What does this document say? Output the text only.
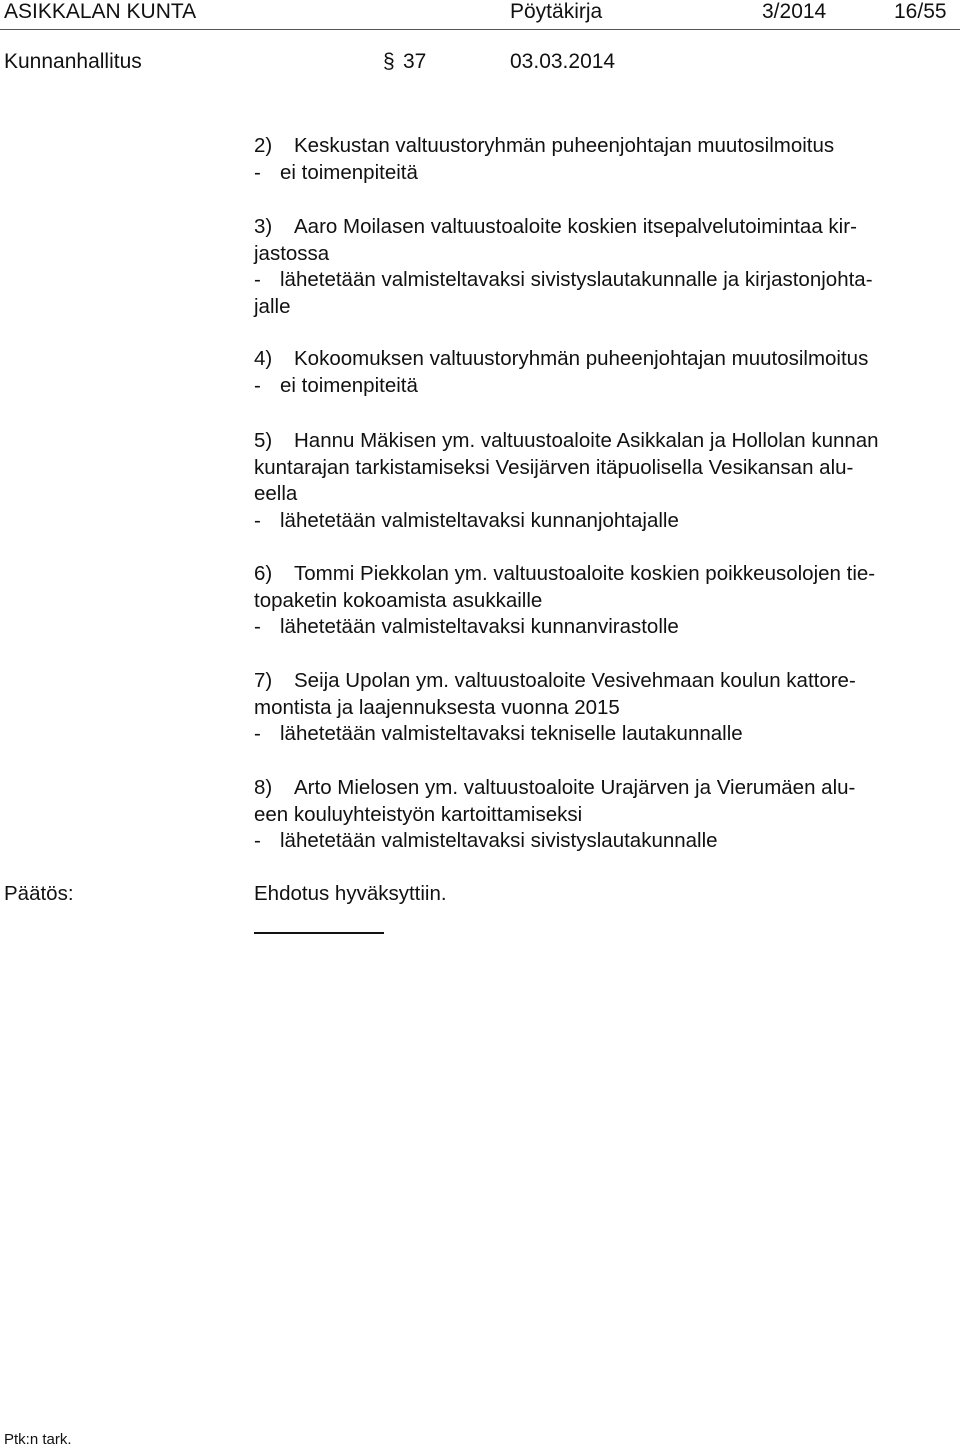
ASIKKALAN KUNTA	Pöytäkirja	3/2014	16/55
Kunnanhallitus	§ 37	03.03.2014
2) Keskustan valtuustoryhmän puheenjohtajan muutosilmoitus
- ei toimenpiteitä
3) Aaro Moilasen valtuustoaloite koskien itsepalvelutoimintaa kir-
jastossa
- lähetetään valmisteltavaksi sivistyslautakunnalle ja kirjastonjohta-
jalle
4) Kokoomuksen valtuustoryhmän puheenjohtajan muutosilmoitus
- ei toimenpiteitä
5) Hannu Mäkisen ym. valtuustoaloite Asikkalan ja Hollolan kunnan
kuntarajan tarkistamiseksi Vesijärven itäpuolisella Vesikansan alu-
eella
- lähetetään valmisteltavaksi kunnanjohtajalle
6) Tommi Piekkolan ym. valtuustoaloite koskien poikkeusolojen tie-
topaketin kokoamista asukkaille
- lähetetään valmisteltavaksi kunnanvirastolle
7) Seija Upolan ym. valtuustoaloite Vesivehmaan koulun kattore-
montista ja laajennuksesta vuonna 2015
- lähetetään valmisteltavaksi tekniselle lautakunnalle
8) Arto Mielosen ym. valtuustoaloite Urajärven ja Vierumäen alu-
een kouluyhteistyön kartoittamiseksi
- lähetetään valmisteltavaksi sivistyslautakunnalle
Päätös:	Ehdotus hyväksyttiin.
Ptk:n tark.
